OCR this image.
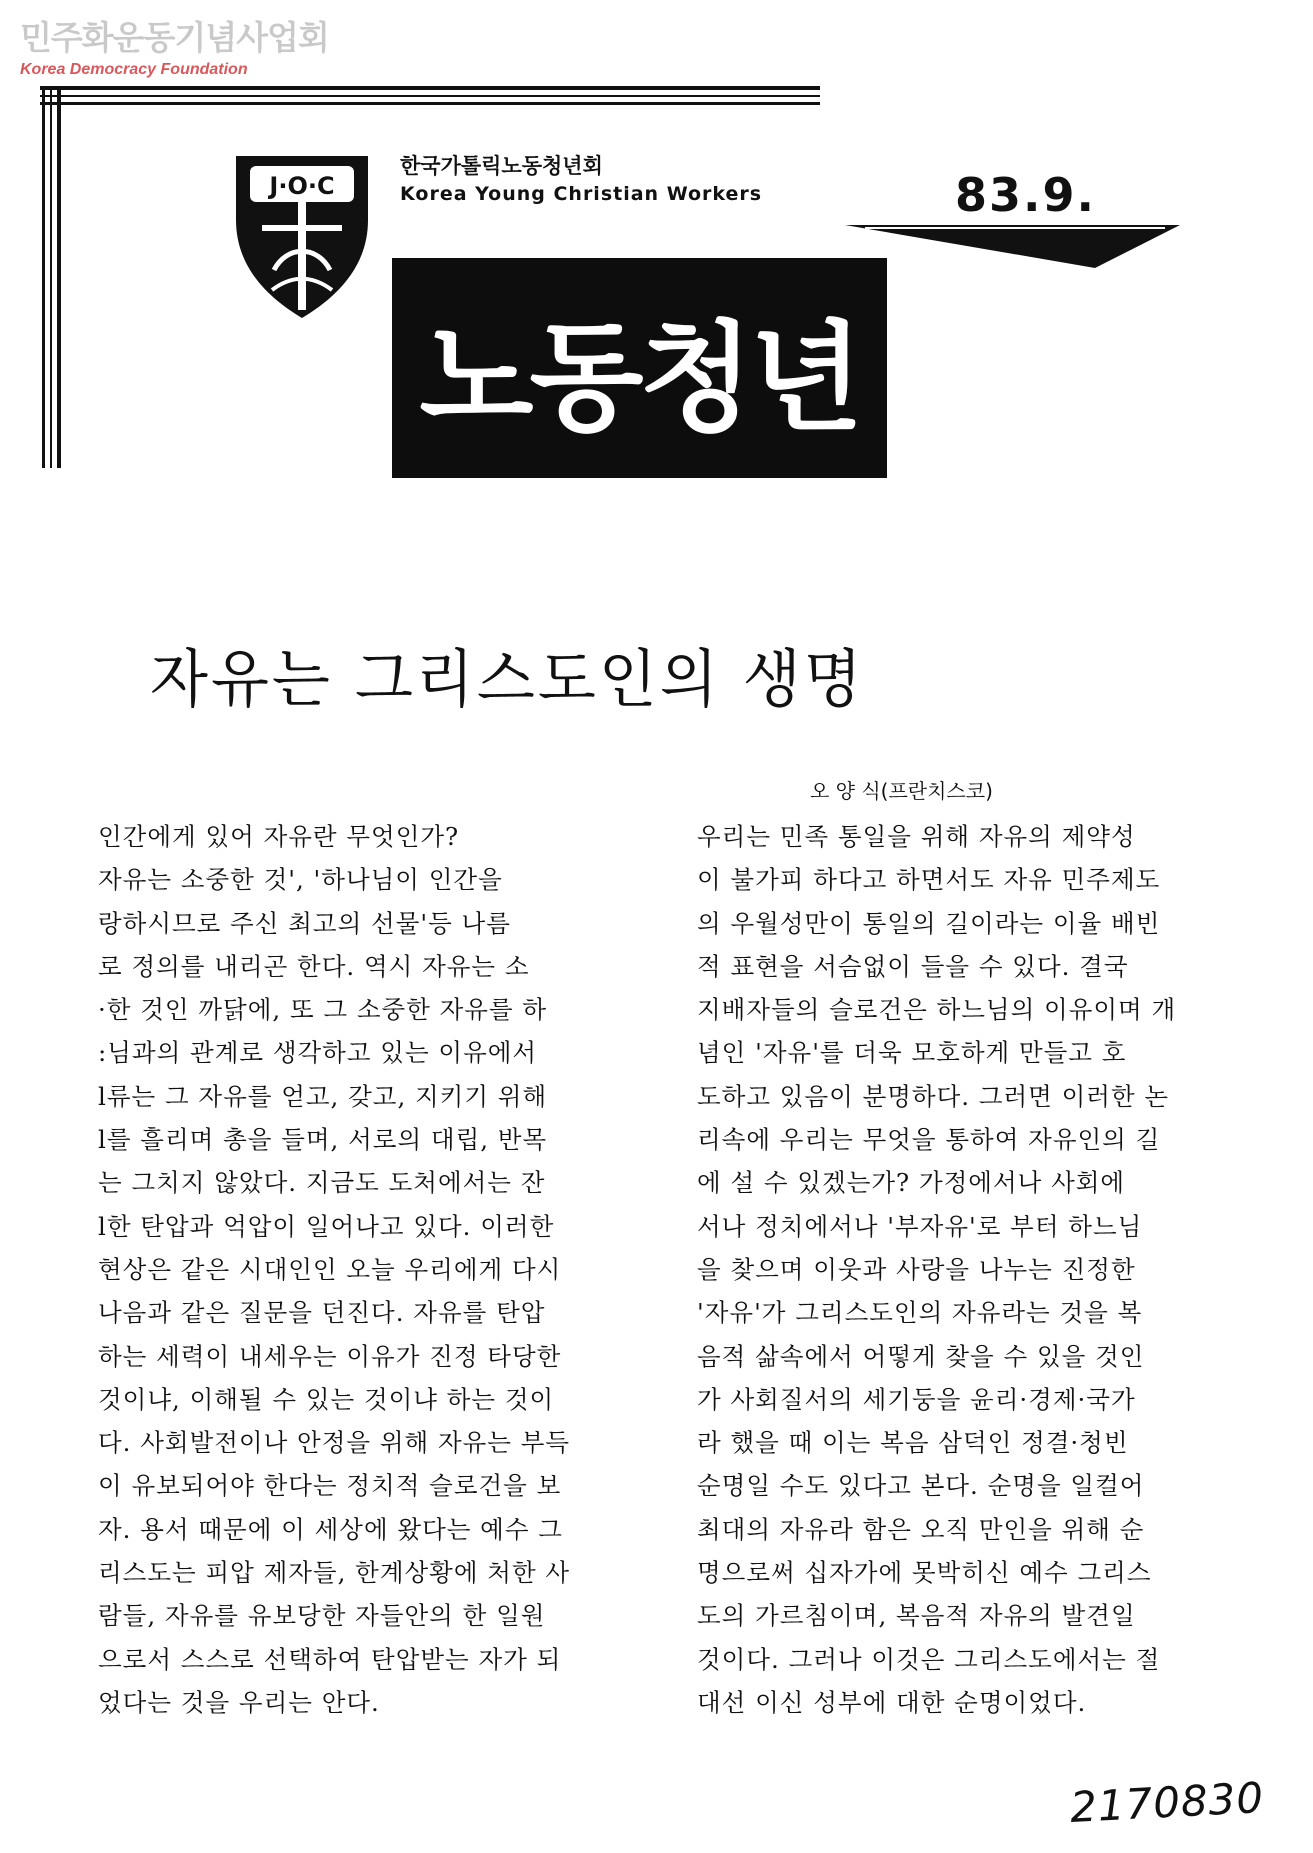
민주화운동기념사업회
Korea Democracy Foundation
J·O·C
한국가톨릭노동청년회
Korea Young Christian Workers	83.9.
노동청년
자유는 그리스도인의 생명
오 양 식(프란치스코)
인간에게 있어 자유란 무엇인가?
자유는 소중한 것', '하나님이 인간을
랑하시므로 주신 최고의 선물'등 나름
로 정의를 내리곤 한다. 역시 자유는 소
·한 것인 까닭에, 또 그 소중한 자유를 하
:님과의 관계로 생각하고 있는 이유에서
l류는 그 자유를 얻고, 갖고, 지키기 위해
l를 흘리며 총을 들며, 서로의 대립, 반목
는 그치지 않았다. 지금도 도처에서는 잔
l한 탄압과 억압이 일어나고 있다. 이러한
현상은 같은 시대인인 오늘 우리에게 다시
나음과 같은 질문을 던진다. 자유를 탄압
하는 세력이 내세우는 이유가 진정 타당한
것이냐, 이해될 수 있는 것이냐 하는 것이
다. 사회발전이나 안정을 위해 자유는 부득
이 유보되어야 한다는 정치적 슬로건을 보
자. 용서 때문에 이 세상에 왔다는 예수 그
리스도는 피압 제자들, 한계상황에 처한 사
람들, 자유를 유보당한 자들안의 한 일원
으로서 스스로 선택하여 탄압받는 자가 되
었다는 것을 우리는 안다.
우리는 민족 통일을 위해 자유의 제약성
이 불가피 하다고 하면서도 자유 민주제도
의 우월성만이 통일의 길이라는 이율 배빈
적 표현을 서슴없이 들을 수 있다. 결국
지배자들의 슬로건은 하느님의 이유이며 개
념인 '자유'를 더욱 모호하게 만들고 호
도하고 있음이 분명하다. 그러면 이러한 논
리속에 우리는 무엇을 통하여 자유인의 길
에 설 수 있겠는가? 가정에서나 사회에
서나 정치에서나 '부자유'로 부터 하느님
을 찾으며 이웃과 사랑을 나누는 진정한
'자유'가 그리스도인의 자유라는 것을 복
음적 삶속에서 어떻게 찾을 수 있을 것인
가 사회질서의 세기둥을 윤리·경제·국가
라 했을 때 이는 복음 삼덕인 정결·청빈
순명일 수도 있다고 본다. 순명을 일컬어
최대의 자유라 함은 오직 만인을 위해 순
명으로써 십자가에 못박히신 예수 그리스
도의 가르침이며, 복음적 자유의 발견일
것이다. 그러나 이것은 그리스도에서는 절
대선 이신 성부에 대한 순명이었다.
2170830
